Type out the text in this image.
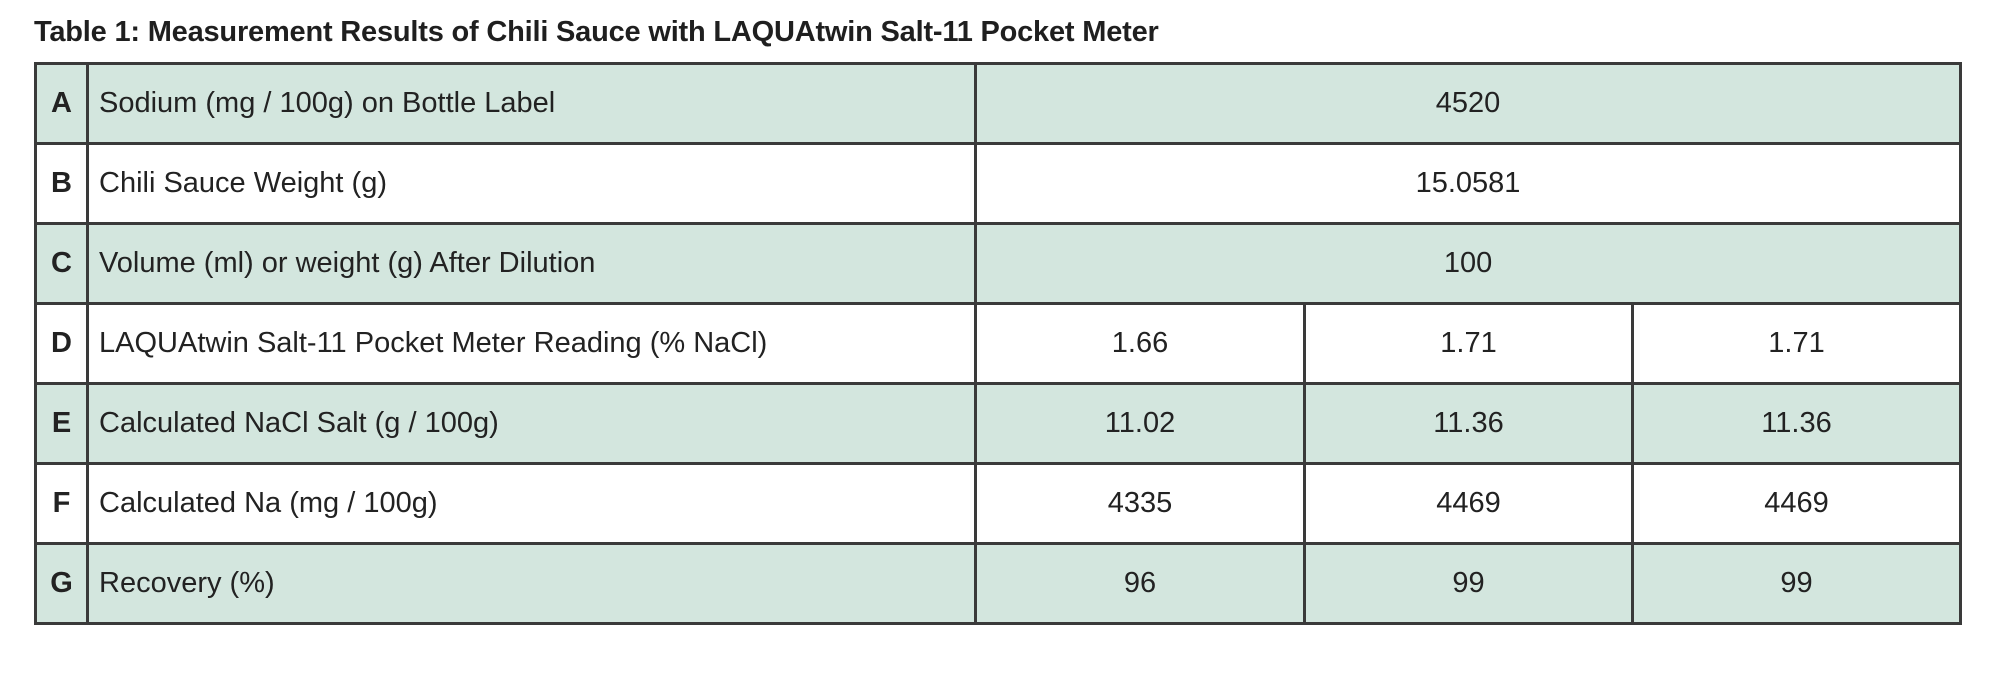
Table 1: Measurement Results of Chili Sauce with LAQUAtwin Salt-11 Pocket Meter
A	Sodium (mg / 100g) on Bottle Label	4520		
B	Chili Sauce Weight (g)	15.0581		
C	Volume (ml) or weight (g) After Dilution	100		
D	LAQUAtwin Salt-11 Pocket Meter Reading (% NaCl)	1.66	1.71	1.71
E	Calculated NaCl Salt (g / 100g)	11.02	11.36	11.36
F	Calculated Na (mg / 100g)	4335	4469	4469
G	Recovery (%)	96	99	99
